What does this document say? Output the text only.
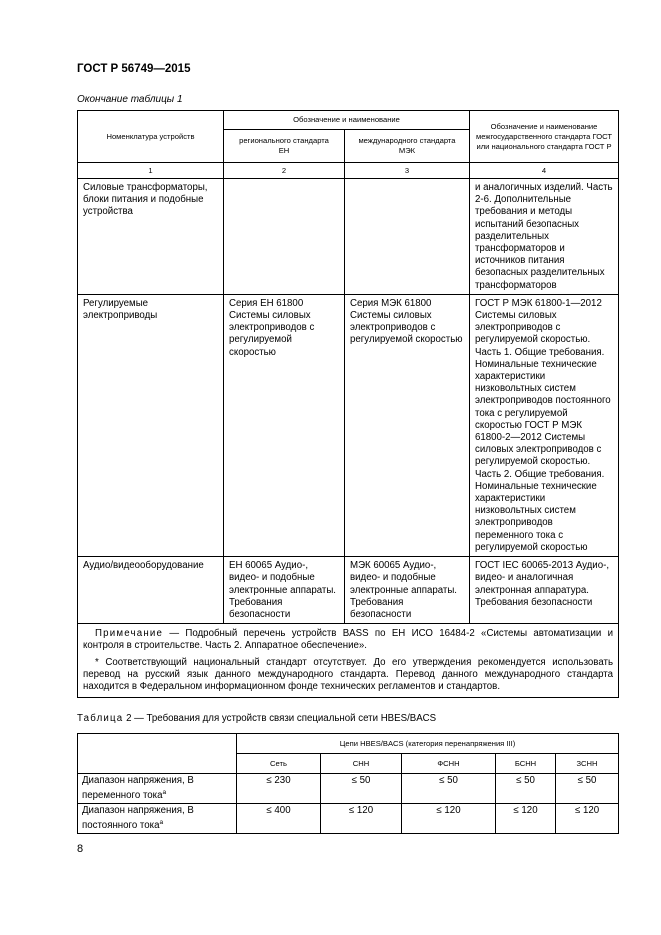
ГОСТ Р 56749—2015
Окончание таблицы 1
Номенклатура устройств	Обозначение и наименование		Обозначение и наименование межгосударственного стандарта ГОСТ или национального стандарта ГОСТ Р
	регионального стандарта ЕН	международного стандарта МЭК	
1	2	3	4
Силовые трансформаторы, блоки питания и подобные устройства			и аналогичных изделий. Часть 2-6. Дополнительные требования и методы испытаний безопасных разделительных трансформаторов и источников питания безопасных разделительных трансформаторов
Регулируемые электроприводы	Серия ЕН 61800 Системы силовых электроприводов с регулируемой скоростью	Серия МЭК 61800 Системы силовых электроприводов с регулируемой скоростью	ГОСТ Р МЭК 61800-1—2012 Системы силовых электроприводов с регулируемой скоростью. Часть 1. Общие требования. Номинальные технические характеристики низковольтных систем электроприводов постоянного тока с регулируемой скоростью ГОСТ Р МЭК 61800-2—2012 Системы силовых электроприводов с регулируемой скоростью. Часть 2. Общие требования. Номинальные технические характеристики низковольтных систем электроприводов переменного тока с регулируемой скоростью
Аудио/видеооборудование	ЕН 60065 Аудио-, видео- и подобные электронные аппараты. Требования безопасности	МЭК 60065 Аудио-, видео- и подобные электронные аппараты. Требования безопасности	ГОСТ IEC 60065-2013 Аудио-, видео- и аналогичная электронная аппаратура. Требования безопасности

Примечание — Подробный перечень устройств BASS по ЕН ИСО 16484-2 «Системы автоматизации и контроля в строительстве. Часть 2. Аппаратное обеспечение».

* Соответствующий национальный стандарт отсутствует. До его утверждения рекомендуется использовать перевод на русский язык данного международного стандарта. Перевод данного международного стандарта находится в Федеральном информационном фонде технических регламентов и стандартов.			

Таблица 2 — Требования для устройств связи специальной сети HBES/BACS
	Цепи HBES/BACS (категория перенапряжения III)				
	Сеть	СНН	ФСНН	БСНН	ЗСНН
Диапазон напряжения, В переменного тока$^а$	≤ 230	≤ 50	≤ 50	≤ 50	≤ 50
Диапазон напряжения, В постоянного тока$^а$	≤ 400	≤ 120	≤ 120	≤ 120	≤ 120
8
